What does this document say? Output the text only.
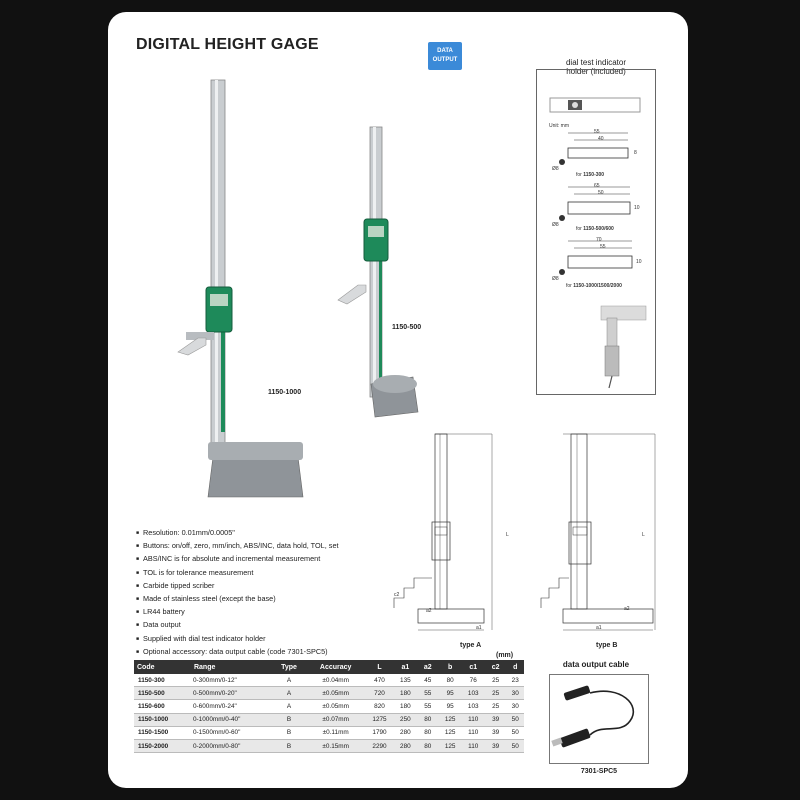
DIGITAL HEIGHT GAGE	DATA
OUTPUT
1150-1000
1150-500
dial test indicator
holder (included)
Unit: mm
55
40
8
Ø8
for 1150-300
65
50
10
Ø8
for 1150-500/600
70
55
10
Ø8
for 1150-1000/1500/2000
a1
c2
a2
L
type A
a1
a2
L
type B
■ Resolution: 0.01mm/0.0005"
■ Buttons: on/off, zero, mm/inch, ABS/INC, data hold, TOL, set
■ ABS/INC is for absolute and incremental measurement
■ TOL is for tolerance measurement
■ Carbide tipped scriber
■ Made of stainless steel (except the base)
■ LR44 battery
■ Data output
■ Supplied with dial test indicator holder
■ Optional accessory: data output cable (code 7301-SPC5)	(mm)
Code	Range	Type	Accuracy	L	a1	a2	b	c1	c2	d
1150-300	0-300mm/0-12"	A	±0.04mm	470	135	45	80	76	25	23
1150-500	0-500mm/0-20"	A	±0.05mm	720	180	55	95	103	25	30
1150-600	0-600mm/0-24"	A	±0.05mm	820	180	55	95	103	25	30
1150-1000	0-1000mm/0-40"	B	±0.07mm	1275	250	80	125	110	39	50
1150-1500	0-1500mm/0-60"	B	±0.11mm	1790	280	80	125	110	39	50
1150-2000	0-2000mm/0-80"	B	±0.15mm	2290	280	80	125	110	39	50
data output cable
7301-SPC5
